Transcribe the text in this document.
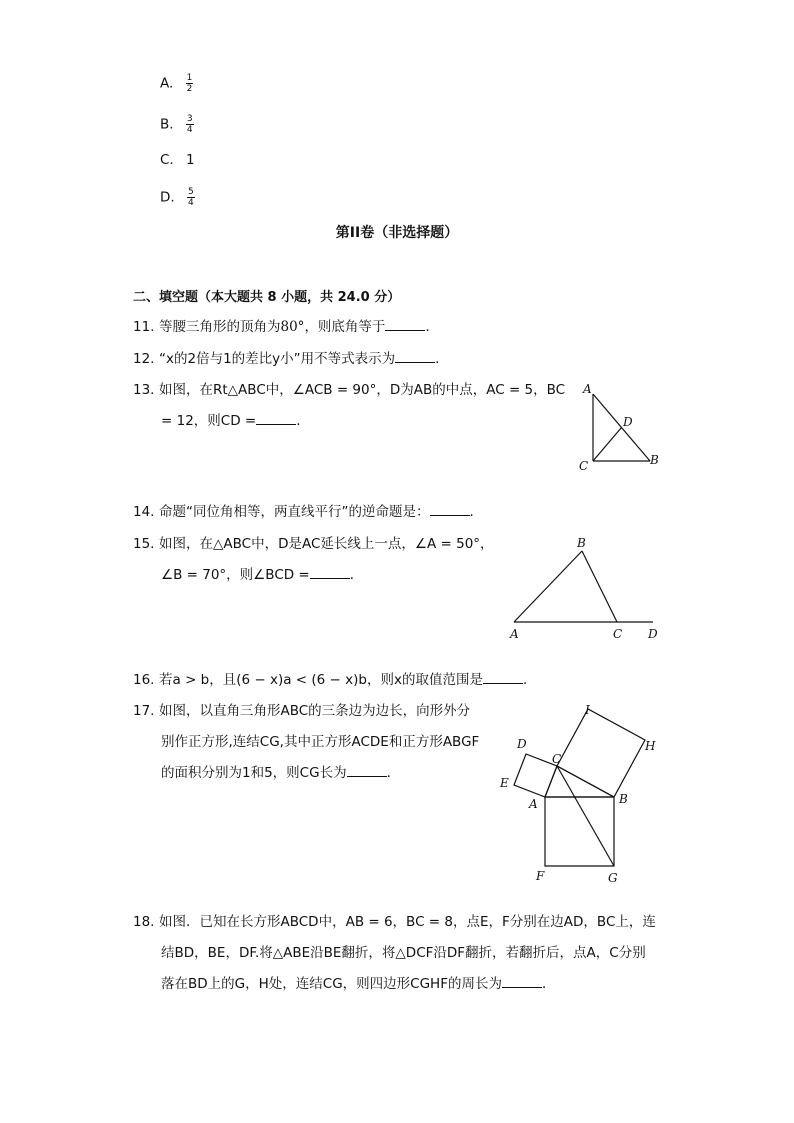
A. $\frac{1}{2}$
B. $\frac{3}{4}$
C. 1
D. $\frac{5}{4}$
第II卷（非选择题）
二、填空题（本大题共 8 小题，共 24.0 分）
11. 等腰三角形的顶角为80°，则底角等于	．
12. “x的2倍与1的差比y小”用不等式表示为	．
13. 如图，在Rt△ABC中，∠ACB = 90°，D为AB的中点，AC = 5，BC
= 12，则CD =	．
A
D
C	B
14. 命题“同位角相等，两直线平行”的逆命题是：	．
15. 如图，在△ABC中，D是AC延长线上一点，∠A = 50°，
∠B = 70°，则∠BCD =	．
B
A	C D
16. 若a > b，且(6 − x)a < (6 − x)b，则x的取值范围是	．
17. 如图，以直角三角形ABC的三条边为边长，向形外分
别作正方形,连结CG,其中正方形ACDE和正方形ABGF
的面积分别为1和5，则CG长为	．
I
H
D
C
E
A	B
F	G
18. 如图．已知在长方形ABCD中，AB = 6，BC = 8，点E，F分别在边AD，BC上，连
结BD，BE，DF.将△ABE沿BE翻折，将△DCF沿DF翻折，若翻折后，点A，C分别
落在BD上的G，H处，连结CG，则四边形CGHF的周长为	．
